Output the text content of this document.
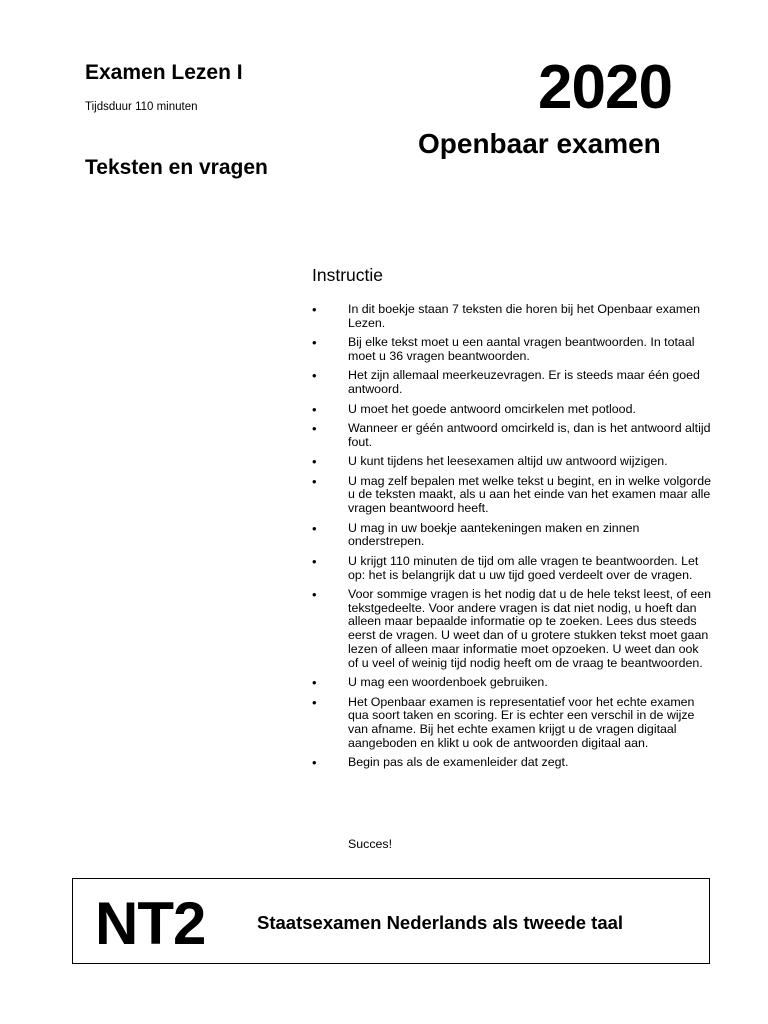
Examen Lezen I
Tijdsduur 110 minuten
Teksten en vragen
2020
Openbaar examen
Instructie
•	In dit boekje staan 7 teksten die horen bij het Openbaar examen Lezen.
•	Bij elke tekst moet u een aantal vragen beantwoorden. In totaal moet u 36 vragen beantwoorden.
•	Het zijn allemaal meerkeuzevragen. Er is steeds maar één goed antwoord.
•	U moet het goede antwoord omcirkelen met potlood.
•	Wanneer er géén antwoord omcirkeld is, dan is het antwoord altijd fout.
•	U kunt tijdens het leesexamen altijd uw antwoord wijzigen.
•	U mag zelf bepalen met welke tekst u begint, en in welke volgorde u de teksten maakt, als u aan het einde van het examen maar alle vragen beantwoord heeft.
•	U mag in uw boekje aantekeningen maken en zinnen onderstrepen.
•	U krijgt 110 minuten de tijd om alle vragen te beantwoorden. Let op: het is belangrijk dat u uw tijd goed verdeelt over de vragen.
•	Voor sommige vragen is het nodig dat u de hele tekst leest, of een tekstgedeelte. Voor andere vragen is dat niet nodig, u hoeft dan alleen maar bepaalde informatie op te zoeken. Lees dus steeds eerst de vragen. U weet dan of u grotere stukken tekst moet gaan lezen of alleen maar informatie moet opzoeken. U weet dan ook of u veel of weinig tijd nodig heeft om de vraag te beantwoorden.
•	U mag een woordenboek gebruiken.
•	Het Openbaar examen is representatief voor het echte examen qua soort taken en scoring. Er is echter een verschil in de wijze van afname. Bij het echte examen krijgt u de vragen digitaal aangeboden en klikt u ook de antwoorden digitaal aan.
•	Begin pas als de examenleider dat zegt.
Succes!
NT2	Staatsexamen Nederlands als tweede taal
